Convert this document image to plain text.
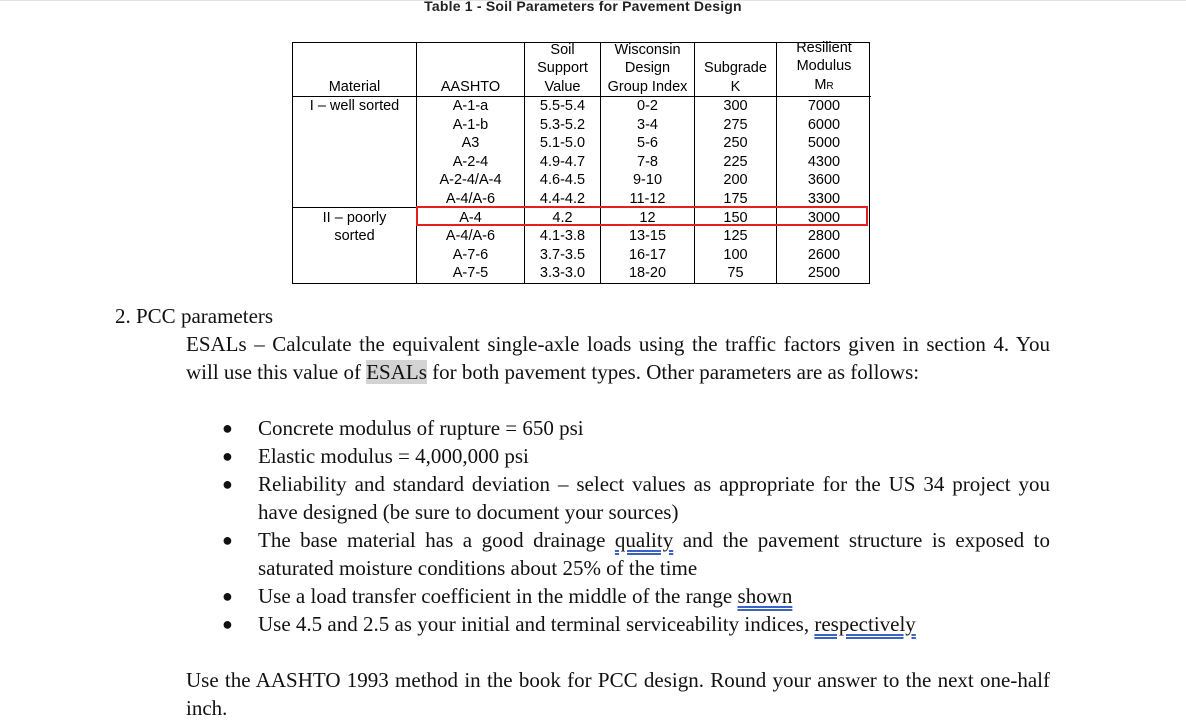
Table 1 - Soil Parameters for Pavement Design
Material
I – well sorted
II – poorly
sorted
AASHTO
A-1-a
A-1-b
A3
A-2-4
A-2-4/A-4
A-4/A-6
A-4
A-4/A-6
A-7-6
A-7-5
Soil
Support
Value
5.5-5.4
5.3-5.2
5.1-5.0
4.9-4.7
4.6-4.5
4.4-4.2
4.2
4.1-3.8
3.7-3.5
3.3-3.0
Wisconsin
Design
Group Index
0-2
3-4
5-6
7-8
9-10
11-12
12
13-15
16-17
18-20
Subgrade
K
300
275
250
225
200
175
150
125
100
75
Resilient
Modulus
MR
7000
6000
5000
4300
3600
3300
3000
2800
2600
2500
2. PCC parameters
ESALs – Calculate the equivalent single-axle loads using the traffic factors given in section 4. You will use this value of ESALs for both pavement types. Other parameters are as follows:
● Concrete modulus of rupture = 650 psi
● Elastic modulus = 4,000,000 psi
● Reliability and standard deviation – select values as appropriate for the US 34 project you have designed (be sure to document your sources)
● The base material has a good drainage quality and the pavement structure is exposed to saturated moisture conditions about 25% of the time
● Use a load transfer coefficient in the middle of the range shown
● Use 4.5 and 2.5 as your initial and terminal serviceability indices, respectively
Use the AASHTO 1993 method in the book for PCC design. Round your answer to the next one-half inch.
